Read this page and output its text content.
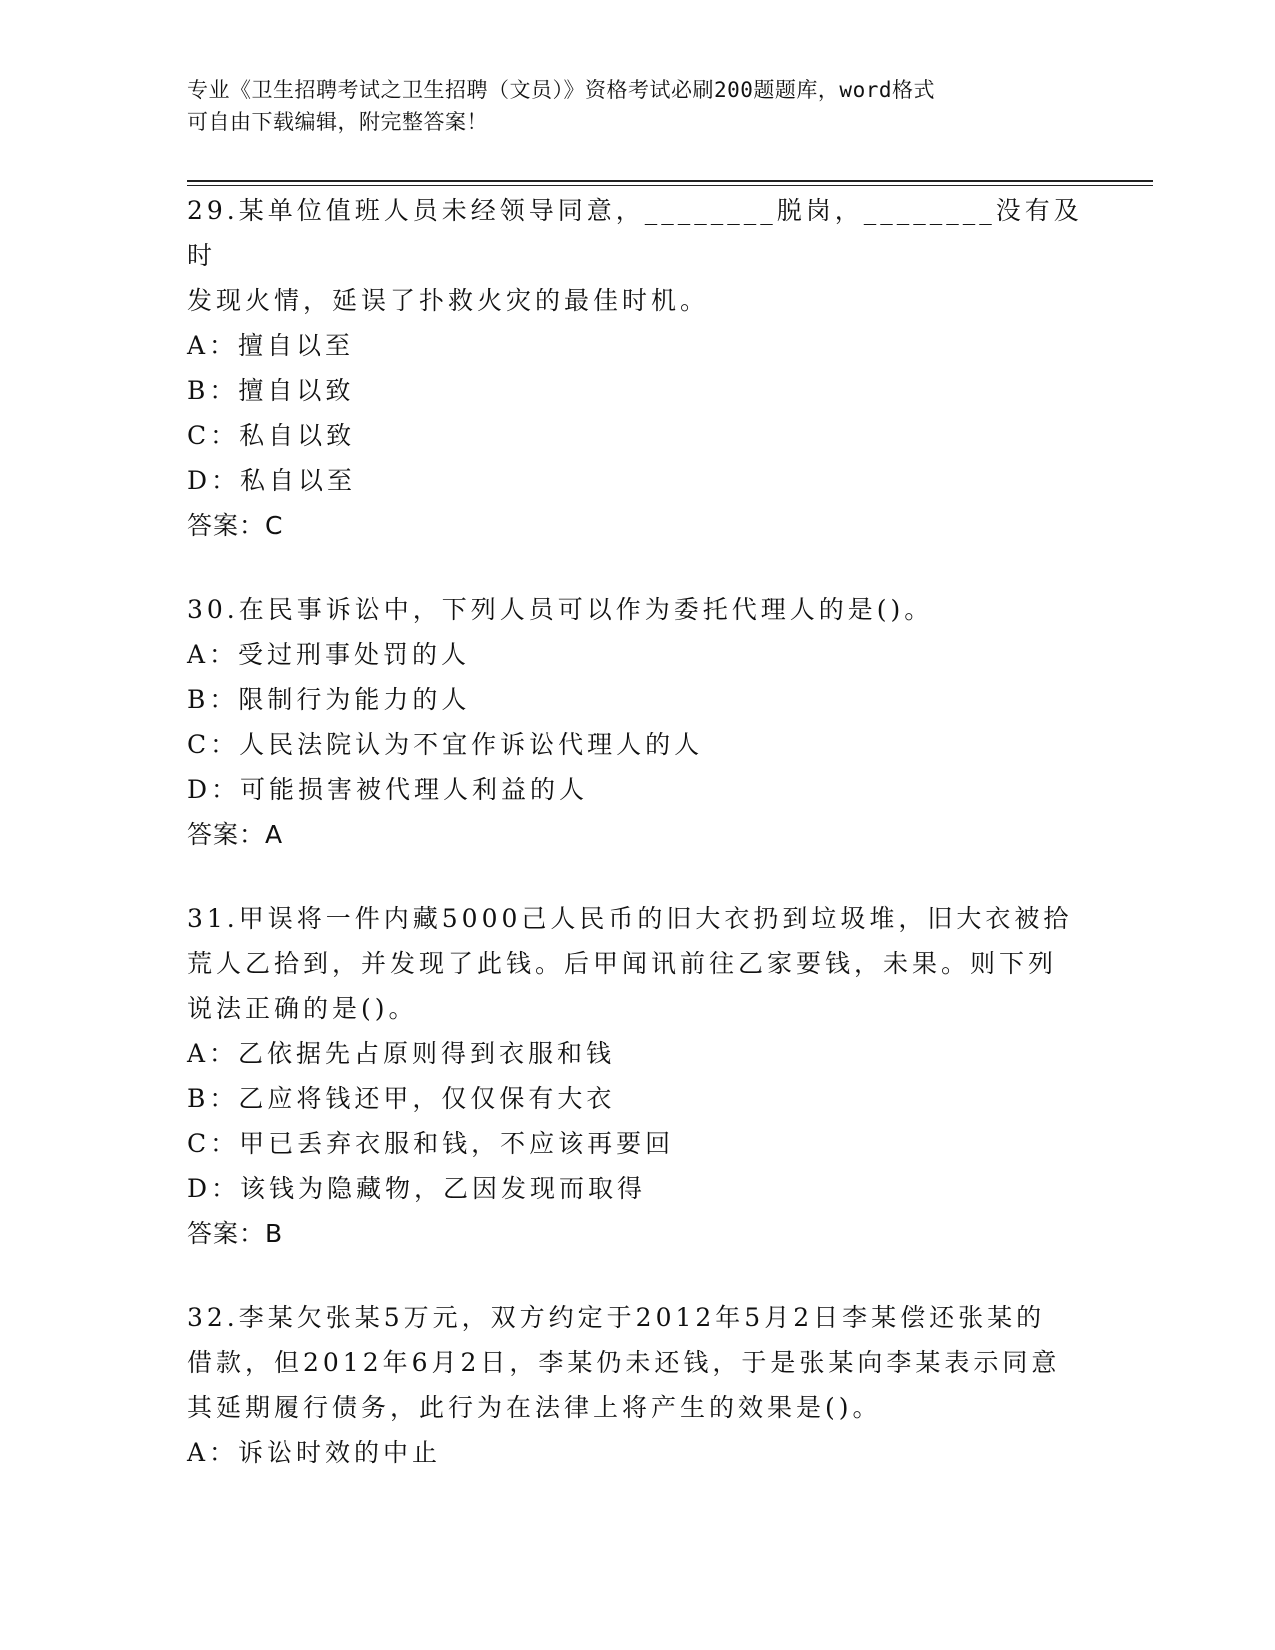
专业《卫生招聘考试之卫生招聘（文员）》资格考试必刷200题题库，word格式
可自由下载编辑，附完整答案！
29.某单位值班人员未经领导同意，________脱岗，________没有及时
发现火情，延误了扑救火灾的最佳时机。
A：擅自以至
B：擅自以致
C：私自以致
D：私自以至
答案：C
30.在民事诉讼中，下列人员可以作为委托代理人的是()。
A：受过刑事处罚的人
B：限制行为能力的人
C：人民法院认为不宜作诉讼代理人的人
D：可能损害被代理人利益的人
答案：A
31.甲误将一件内藏5000己人民币的旧大衣扔到垃圾堆，旧大衣被拾
荒人乙拾到，并发现了此钱。后甲闻讯前往乙家要钱，未果。则下列
说法正确的是()。
A：乙依据先占原则得到衣服和钱
B：乙应将钱还甲，仅仅保有大衣
C：甲已丢弃衣服和钱，不应该再要回
D：该钱为隐藏物，乙因发现而取得
答案：B
32.李某欠张某5万元，双方约定于2012年5月2日李某偿还张某的
借款，但2012年6月2日，李某仍未还钱，于是张某向李某表示同意
其延期履行债务，此行为在法律上将产生的效果是()。
A：诉讼时效的中止
